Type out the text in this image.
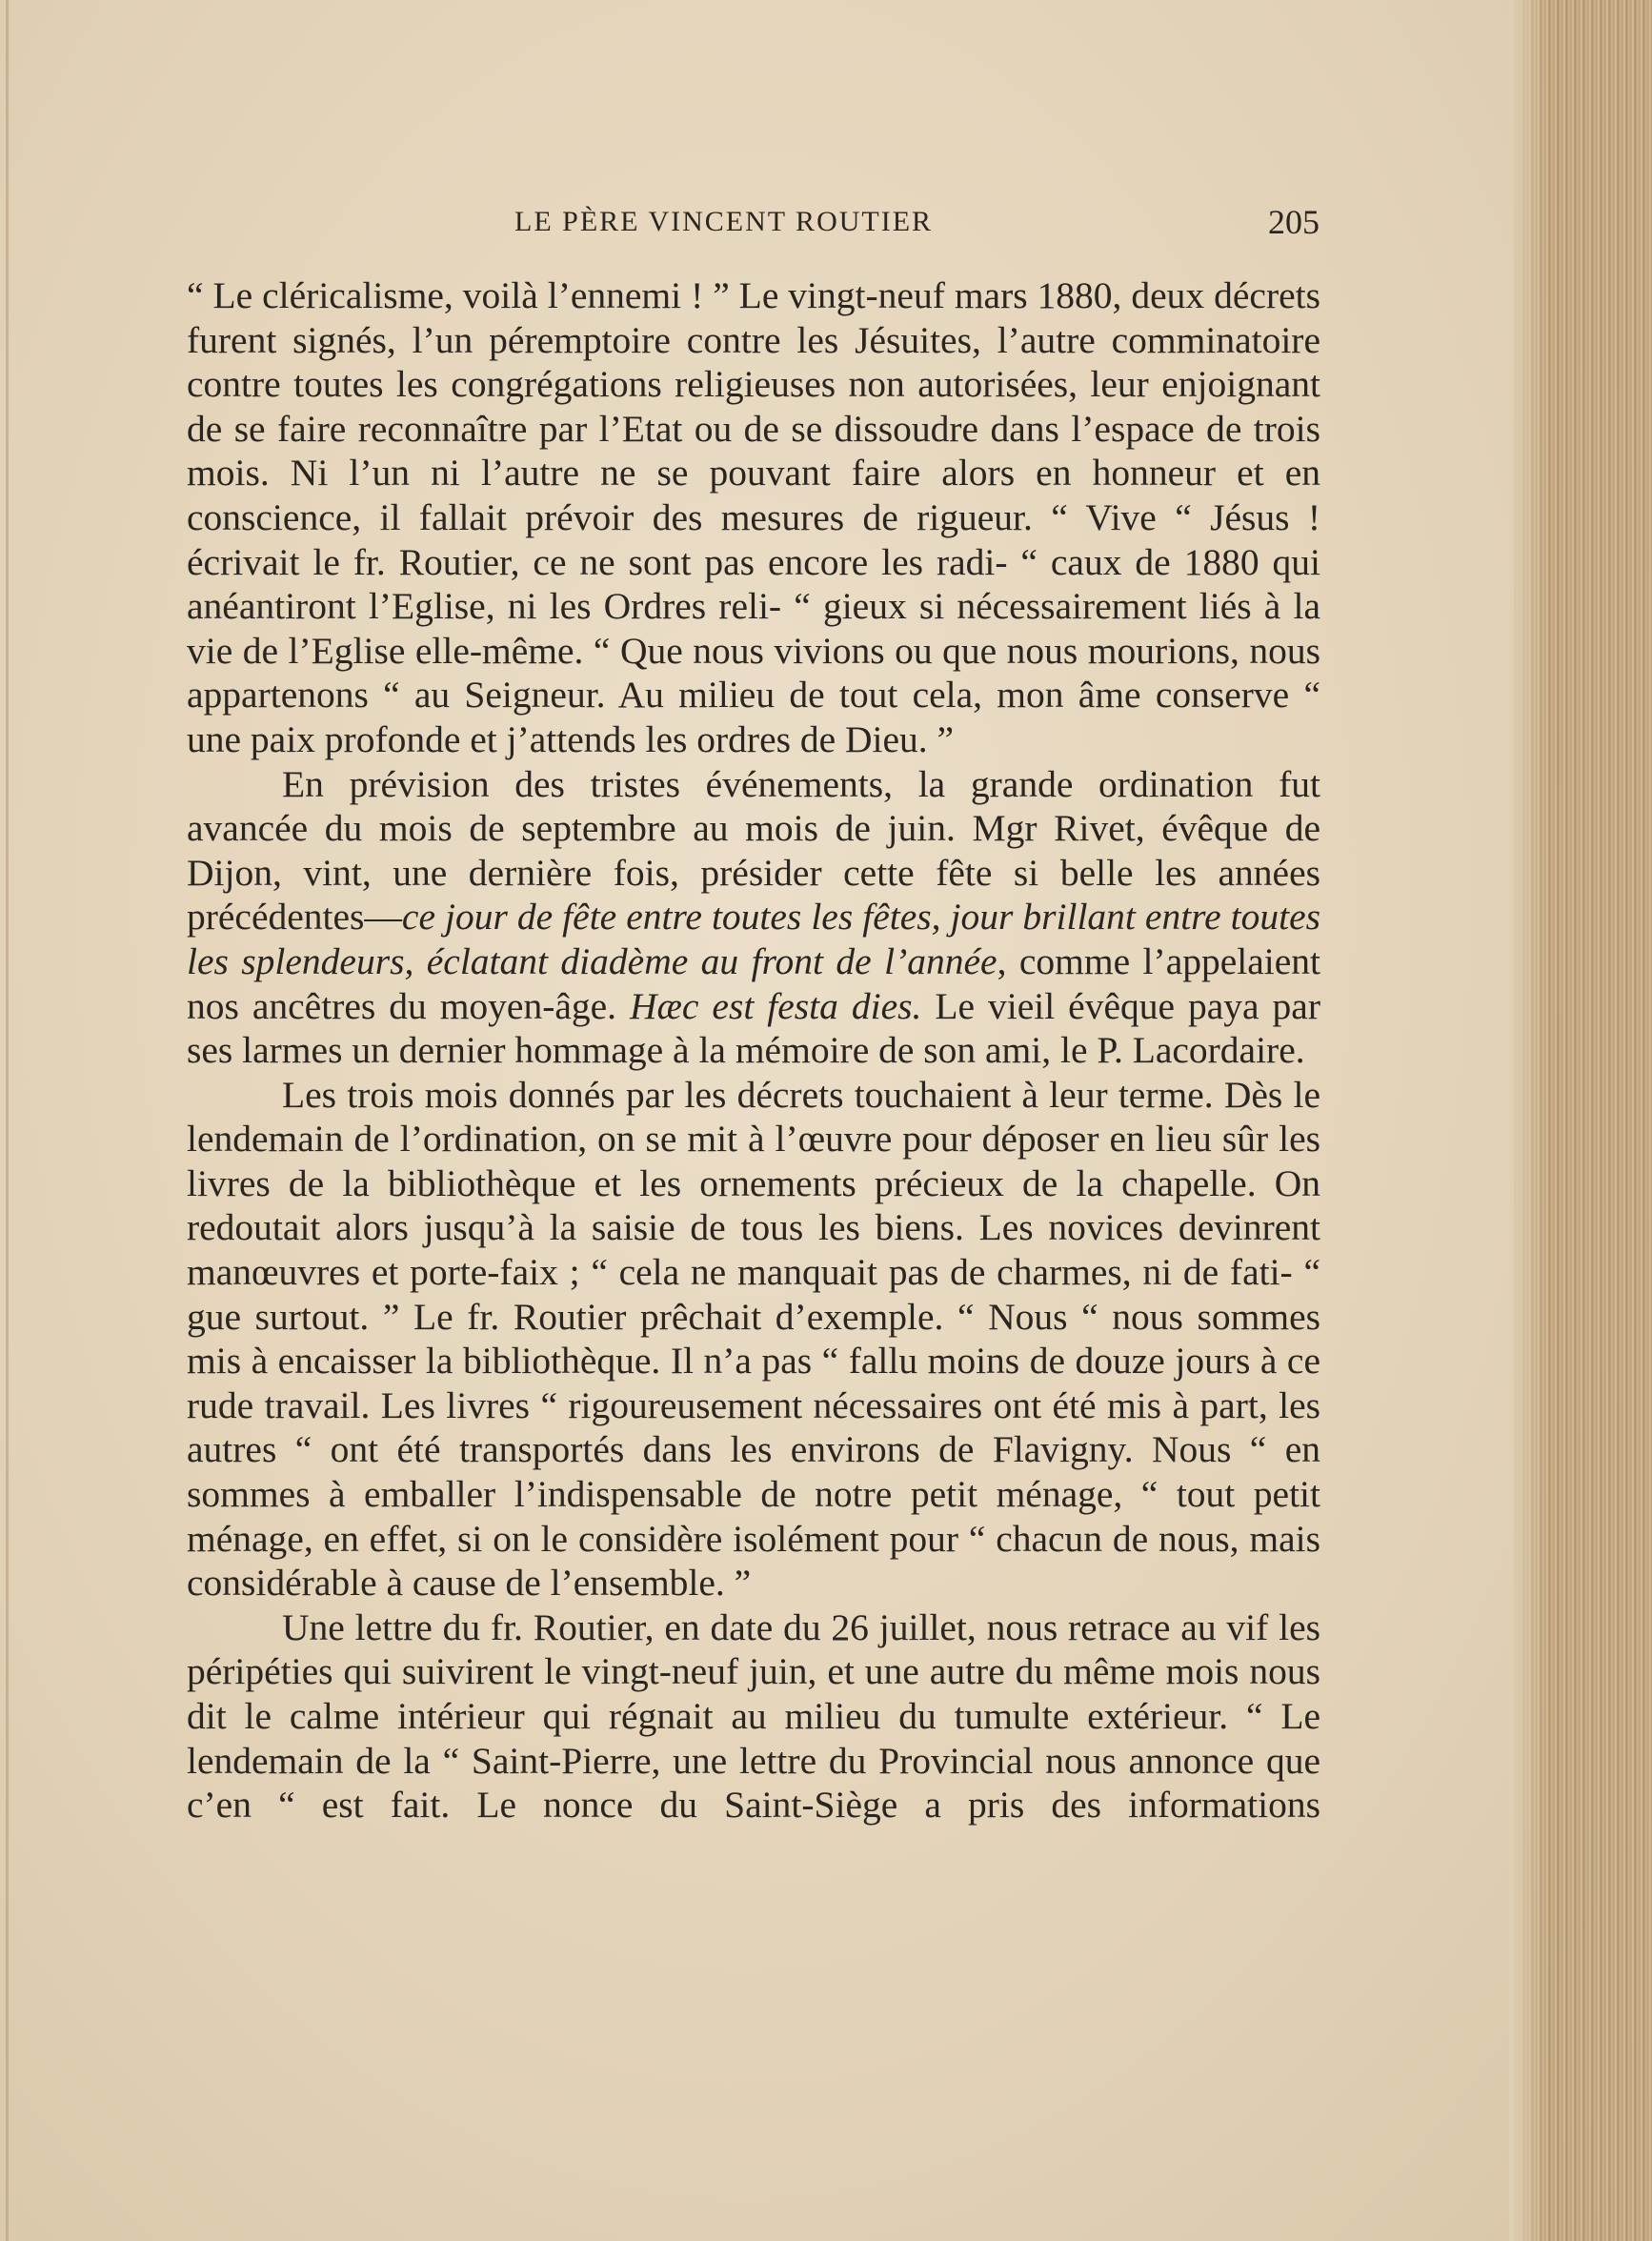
LE PÈRE VINCENT ROUTIER	205

“ Le cléricalisme, voilà l’ennemi ! ” Le vingt-neuf mars 1880, deux décrets furent signés, l’un péremptoire contre les Jésuites, l’autre comminatoire contre toutes les congrégations religieuses non autorisées, leur enjoignant de se faire reconnaître par l’Etat ou de se dissoudre dans l’espace de trois mois. Ni l’un ni l’autre ne se pouvant faire alors en honneur et en conscience, il fallait prévoir des mesures de rigueur. “ Vive “ Jésus ! écrivait le fr. Routier, ce ne sont pas encore les radi- “ caux de 1880 qui anéantiront l’Eglise, ni les Ordres reli- “ gieux si nécessairement liés à la vie de l’Eglise elle-même. “ Que nous vivions ou que nous mourions, nous appartenons “ au Seigneur. Au milieu de tout cela, mon âme conserve “ une paix profonde et j’attends les ordres de Dieu. ”

En prévision des tristes événements, la grande ordination fut avancée du mois de septembre au mois de juin. Mgr Rivet, évêque de Dijon, vint, une dernière fois, présider cette fête si belle les années précédentes—ce jour de fête entre toutes les fêtes, jour brillant entre toutes les splendeurs, éclatant diadème au front de l’année, comme l’appelaient nos ancêtres du moyen-âge. Hæc est festa dies. Le vieil évêque paya par ses larmes un dernier hommage à la mémoire de son ami, le P. Lacordaire.

Les trois mois donnés par les décrets touchaient à leur terme. Dès le lendemain de l’ordination, on se mit à l’œuvre pour déposer en lieu sûr les livres de la bibliothèque et les ornements précieux de la chapelle. On redoutait alors jusqu’à la saisie de tous les biens. Les novices devinrent manœuvres et porte-faix ; “ cela ne manquait pas de charmes, ni de fati- “ gue surtout. ” Le fr. Routier prêchait d’exemple. “ Nous “ nous sommes mis à encaisser la bibliothèque. Il n’a pas “ fallu moins de douze jours à ce rude travail. Les livres “ rigoureusement nécessaires ont été mis à part, les autres “ ont été transportés dans les environs de Flavigny. Nous “ en sommes à emballer l’indispensable de notre petit ménage, “ tout petit ménage, en effet, si on le considère isolément pour “ chacun de nous, mais considérable à cause de l’ensemble. ”

Une lettre du fr. Routier, en date du 26 juillet, nous retrace au vif les péripéties qui suivirent le vingt-neuf juin, et une autre du même mois nous dit le calme intérieur qui régnait au milieu du tumulte extérieur. “ Le lendemain de la “ Saint-Pierre, une lettre du Provincial nous annonce que c’en “ est fait. Le nonce du Saint-Siège a pris des informations
